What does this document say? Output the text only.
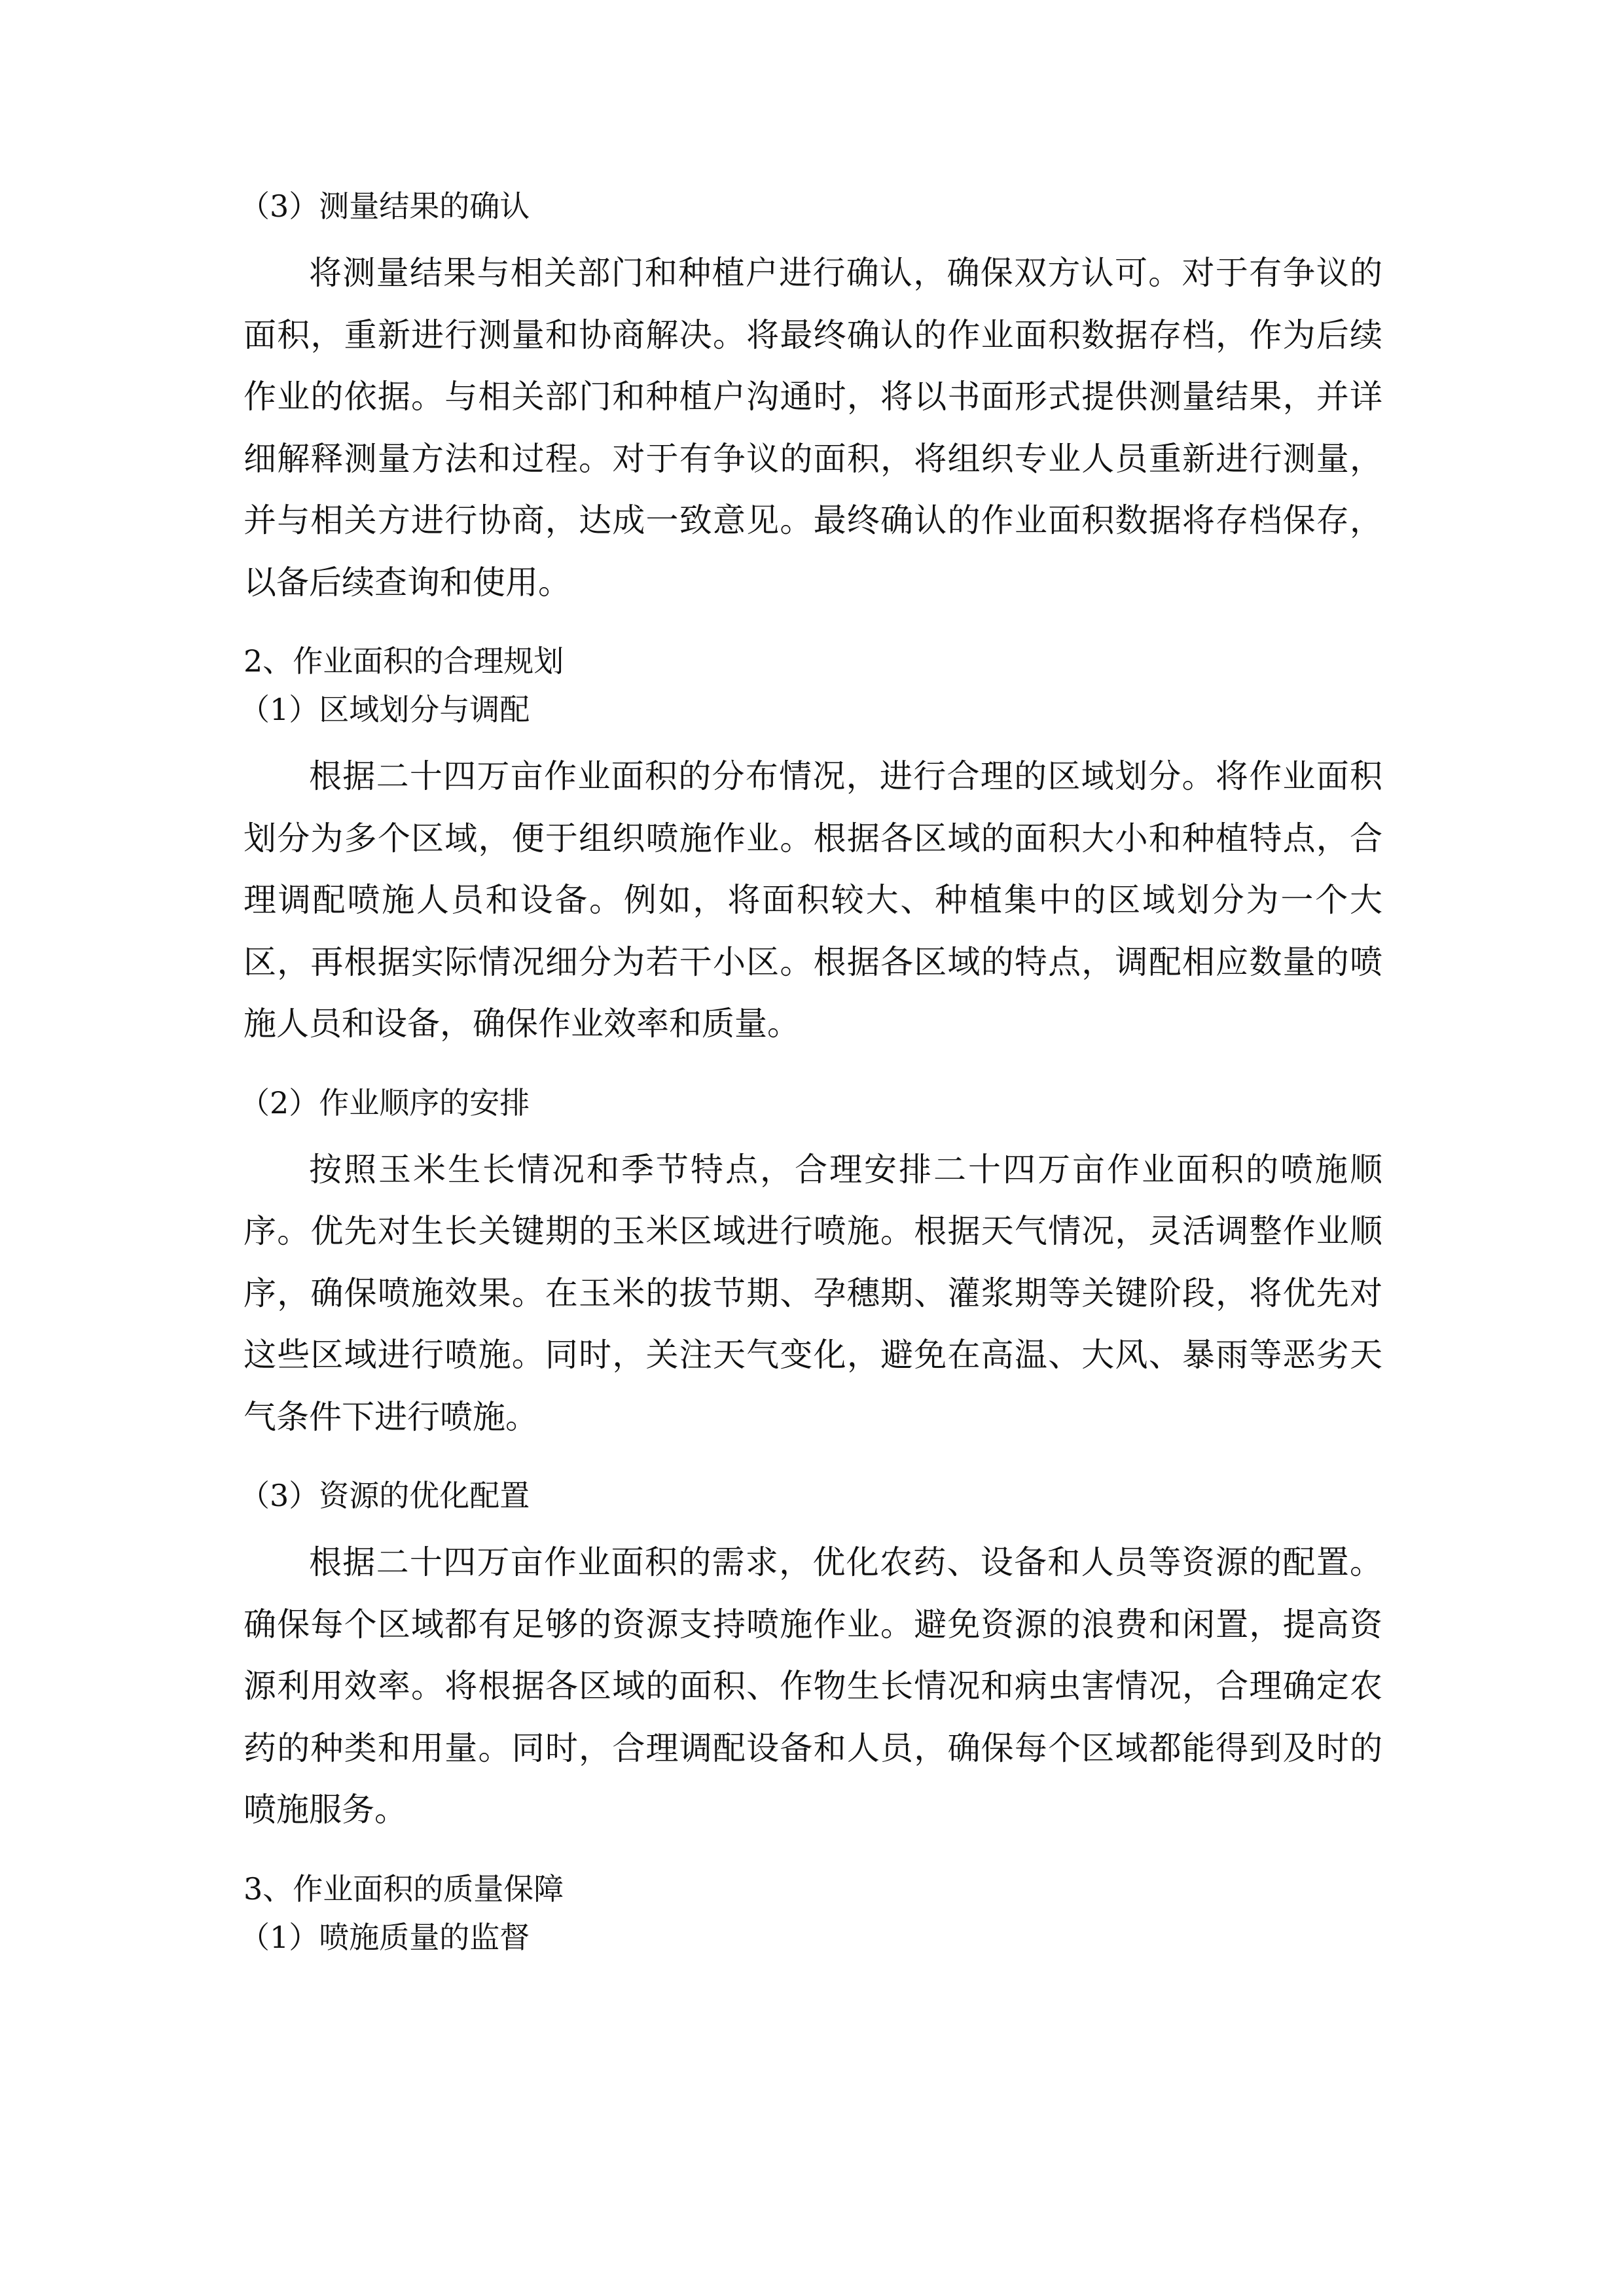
（3）测量结果的确认

将测量结果与相关部门和种植户进行确认，确保双方认可。对于有争议的面积，重新进行测量和协商解决。将最终确认的作业面积数据存档，作为后续作业的依据。与相关部门和种植户沟通时，将以书面形式提供测量结果，并详细解释测量方法和过程。对于有争议的面积，将组织专业人员重新进行测量，并与相关方进行协商，达成一致意见。最终确认的作业面积数据将存档保存，以备后续查询和使用。

2、作业面积的合理规划

（1）区域划分与调配

根据二十四万亩作业面积的分布情况，进行合理的区域划分。将作业面积划分为多个区域，便于组织喷施作业。根据各区域的面积大小和种植特点，合理调配喷施人员和设备。例如，将面积较大、种植集中的区域划分为一个大区，再根据实际情况细分为若干小区。根据各区域的特点，调配相应数量的喷施人员和设备，确保作业效率和质量。

（2）作业顺序的安排

按照玉米生长情况和季节特点，合理安排二十四万亩作业面积的喷施顺序。优先对生长关键期的玉米区域进行喷施。根据天气情况，灵活调整作业顺序，确保喷施效果。在玉米的拔节期、孕穗期、灌浆期等关键阶段，将优先对这些区域进行喷施。同时，关注天气变化，避免在高温、大风、暴雨等恶劣天气条件下进行喷施。

（3）资源的优化配置

根据二十四万亩作业面积的需求，优化农药、设备和人员等资源的配置。确保每个区域都有足够的资源支持喷施作业。避免资源的浪费和闲置，提高资源利用效率。将根据各区域的面积、作物生长情况和病虫害情况，合理确定农药的种类和用量。同时，合理调配设备和人员，确保每个区域都能得到及时的喷施服务。

3、作业面积的质量保障

（1）喷施质量的监督
